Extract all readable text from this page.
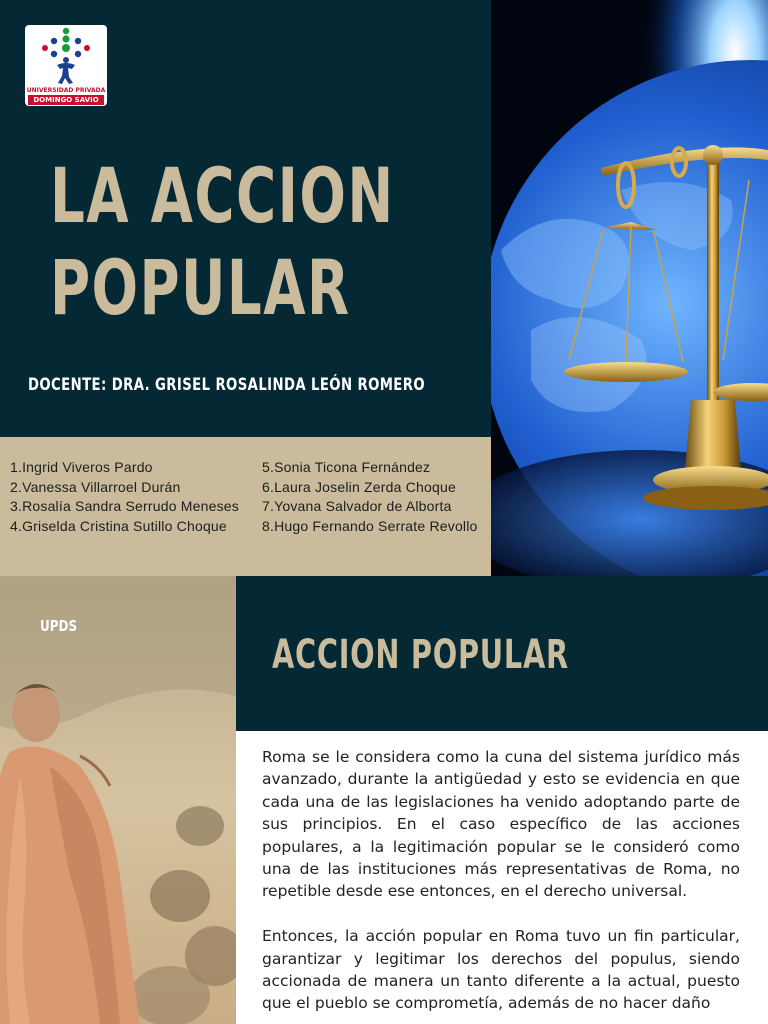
UNIVERSIDAD PRIVADA
DOMINGO SAVIO
LA ACCION
POPULAR
DOCENTE: DRA. GRISEL ROSALINDA LEÓN ROMERO
1.Ingrid Viveros Pardo
2.Vanessa Villarroel Durán
3.Rosalía Sandra Serrudo Meneses
4.Griselda Cristina Sutillo Choque
5.Sonia Ticona Fernández
6.Laura Joselin Zerda Choque
7.Yovana Salvador de Alborta
8.Hugo Fernando Serrate Revollo
UPDS
ACCION POPULAR

Roma se le considera como la cuna del sistema jurídico más avanzado, durante la antigüedad y esto se evidencia en que cada una de las legislaciones ha venido adoptando parte de sus principios. En el caso específico de las acciones populares, a la legitimación popular se le consideró como una de las instituciones más representativas de Roma, no repetible desde ese entonces, en el derecho universal.

Entonces, la acción popular en Roma tuvo un fin particular, garantizar y legitimar los derechos del populus, siendo accionada de manera un tanto diferente a la actual, puesto que el pueblo se comprometía, además de no hacer daño
